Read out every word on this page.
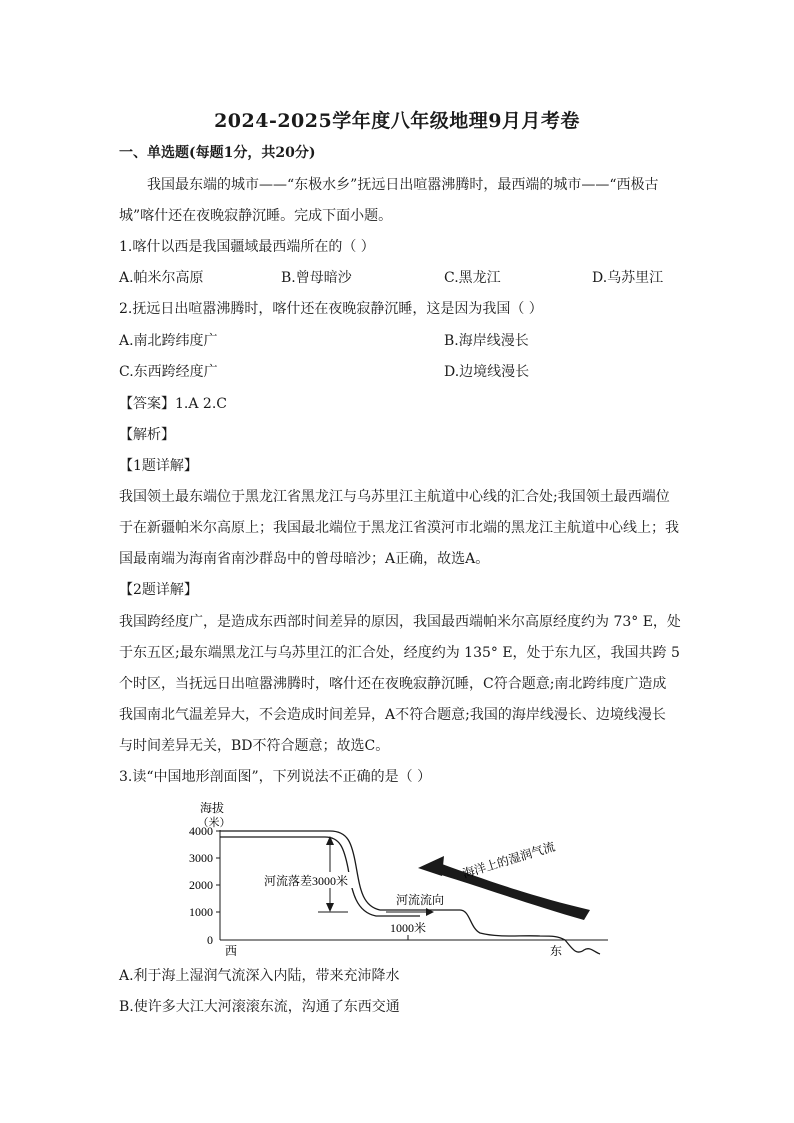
2024-2025学年度八年级地理9月月考卷
一、单选题(每题1分，共20分)
我国最东端的城市——“东极水乡”抚远日出喧嚣沸腾时，最西端的城市——“西极古
城”喀什还在夜晚寂静沉睡。完成下面小题。
1.喀什以西是我国疆域最西端所在的（ ）
A.帕米尔高原	B.曾母暗沙	C.黑龙江	D.乌苏里江
2.抚远日出喧嚣沸腾时，喀什还在夜晚寂静沉睡，这是因为我国（ ）
A.南北跨纬度广	B.海岸线漫长
C.东西跨经度广	D.边境线漫长
【答案】1.A 2.C
【解析】
【1题详解】
我国领土最东端位于黑龙江省黑龙江与乌苏里江主航道中心线的汇合处;我国领土最西端位
于在新疆帕米尔高原上；我国最北端位于黑龙江省漠河市北端的黑龙江主航道中心线上；我
国最南端为海南省南沙群岛中的曾母暗沙；A正确，故选A。
【2题详解】
我国跨经度广，是造成东西部时间差异的原因，我国最西端帕米尔高原经度约为 73° E，处
于东五区;最东端黑龙江与乌苏里江的汇合处，经度约为 135° E，处于东九区，我国共跨 5
个时区，当抚远日出喧嚣沸腾时，喀什还在夜晚寂静沉睡，C符合题意;南北跨纬度广造成
我国南北气温差异大，不会造成时间差异，A不符合题意;我国的海岸线漫长、边境线漫长
与时间差异无关，BD不符合题意；故选C。
3.读“中国地形剖面图”，下列说法不正确的是（ ）
海拔
（米）
4000
3000
2000
1000
0
河流落差3000米
河流流向
1000米
西	东
海洋上的湿润气流
A.利于海上湿润气流深入内陆，带来充沛降水
B.使许多大江大河滚滚东流，沟通了东西交通
